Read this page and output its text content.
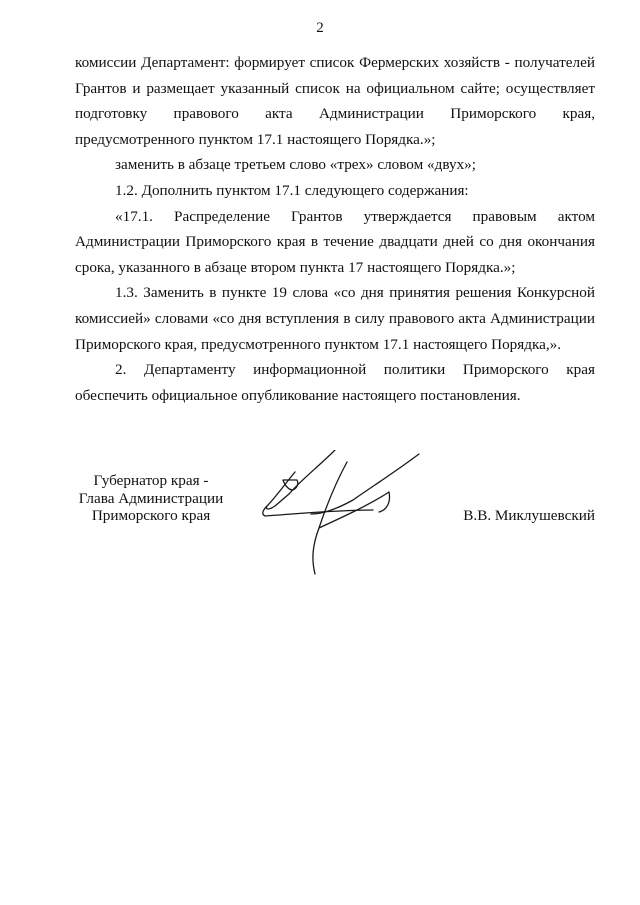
2

комиссии Департамент: формирует список Фермерских хозяйств - получателей Грантов и размещает указанный список на официальном сайте; осуществляет подготовку правового акта Администрации Приморского края, предусмотренного пунктом 17.1 настоящего Порядка.»;

заменить в абзаце третьем слово «трех» словом «двух»;

1.2. Дополнить пунктом 17.1 следующего содержания:

«17.1. Распределение Грантов утверждается правовым актом Администрации Приморского края в течение двадцати дней со дня окончания срока, указанного в абзаце втором пункта 17 настоящего Порядка.»;

1.3. Заменить в пункте 19 слова «со дня принятия решения Конкурсной комиссией» словами «со дня вступления в силу правового акта Администрации Приморского края, предусмотренного пунктом 17.1 настоящего Порядка,».

2. Департаменту информационной политики Приморского края обеспечить официальное опубликование настоящего постановления.

Губернатор края -
Глава Администрации
Приморского края	В.В. Миклушевский
